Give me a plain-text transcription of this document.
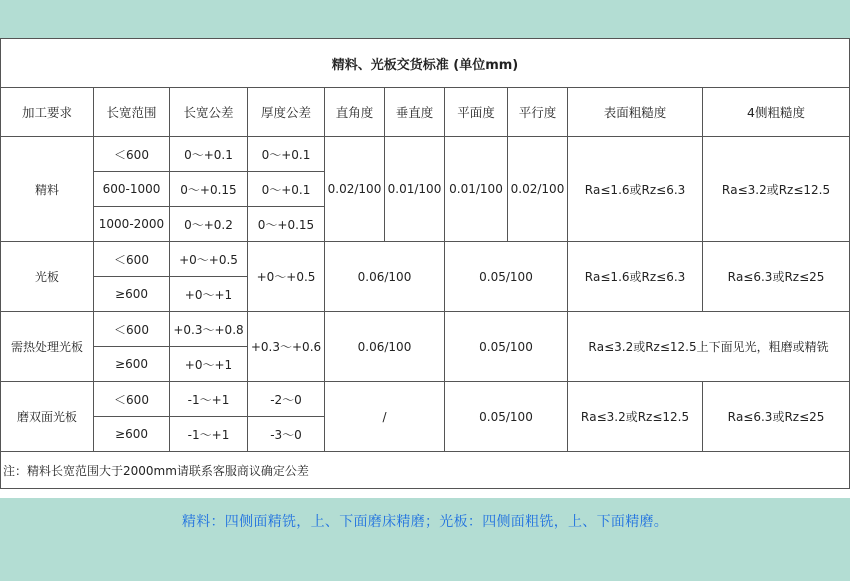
精料、光板交货标准 (单位mm)									
加工要求	长宽范围	长宽公差	厚度公差	直角度	垂直度	平面度	平行度	表面粗糙度	4侧粗糙度
精料	＜600	0～+0.1	0～+0.1	0.02/100	0.01/100	0.01/100	0.02/100	Rа≤1.6或Rz≤6.3	Rа≤3.2或Rz≤12.5
	600-1000	0～+0.15	0～+0.1						
	1000-2000	0～+0.2	0～+0.15						
光板	＜600	+0～+0.5	+0～+0.5	0.06/100		0.05/100		Rа≤1.6或Rz≤6.3	Rа≤6.3或Rz≤25
	≥600	+0～+1							
需热处理光板	＜600	+0.3～+0.8	+0.3～+0.6	0.06/100		0.05/100		Rа≤3.2或Rz≤12.5上下面见光，粗磨或精铣	
	≥600	+0～+1							
磨双面光板	＜600	-1～+1	-2～0	/		0.05/100		Rа≤3.2或Rz≤12.5	Rа≤6.3或Rz≤25
	≥600	-1～+1	-3～0						
注：精料长宽范围大于2000mm请联系客服商议确定公差									
精料：四侧面精铣，上、下面磨床精磨；光板：四侧面粗铣，上、下面精磨。
